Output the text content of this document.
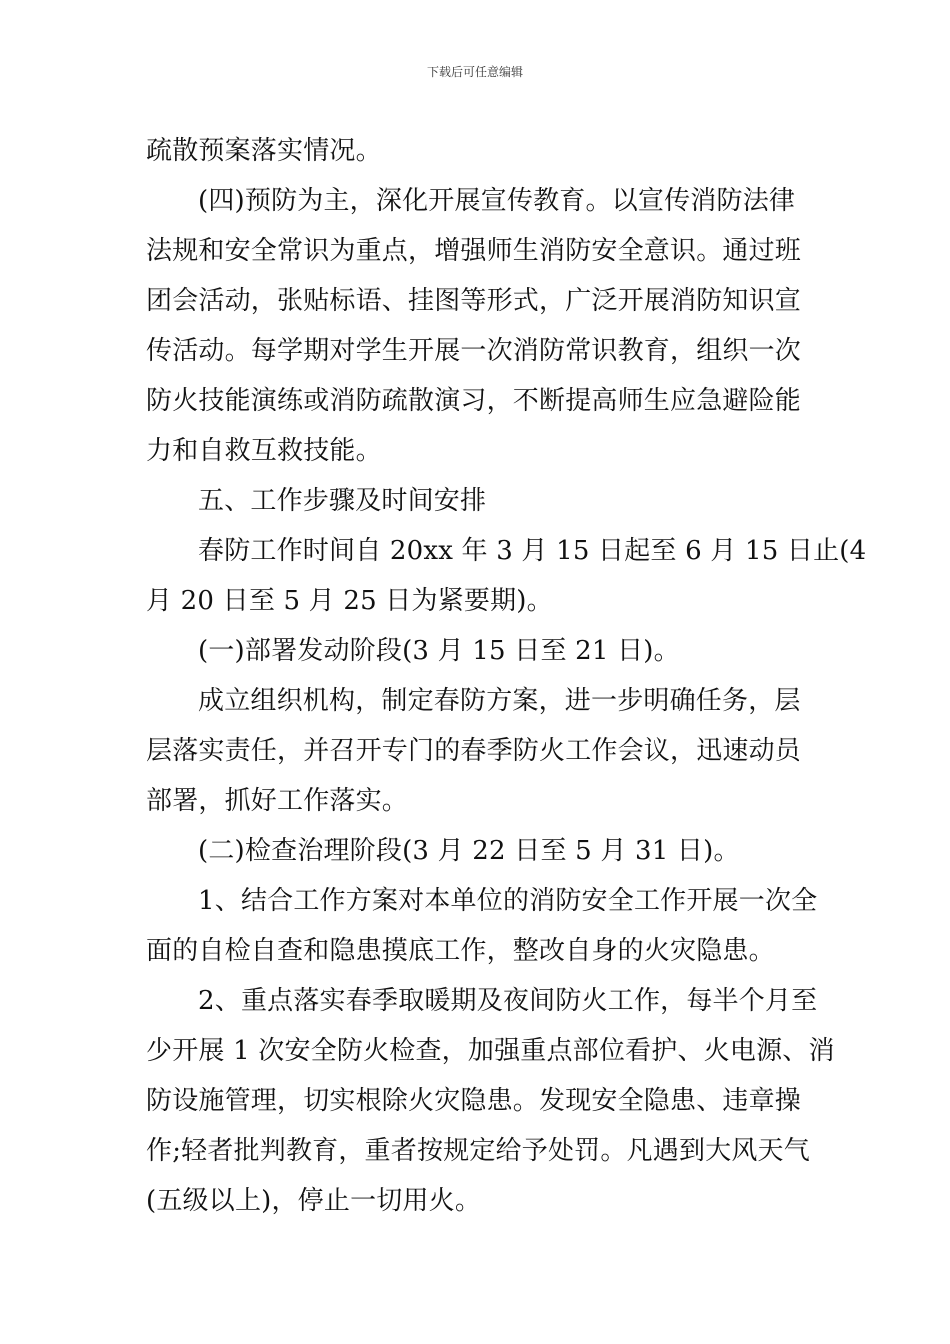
下载后可任意编辑
疏散预案落实情况。
(四)预防为主，深化开展宣传教育。以宣传消防法律
法规和安全常识为重点，增强师生消防安全意识。通过班
团会活动，张贴标语、挂图等形式，广泛开展消防知识宣
传活动。每学期对学生开展一次消防常识教育，组织一次
防火技能演练或消防疏散演习，不断提高师生应急避险能
力和自救互救技能。
五、工作步骤及时间安排
春防工作时间自 20xx 年 3 月 15 日起至 6 月 15 日止(4
月 20 日至 5 月 25 日为紧要期)。
(一)部署发动阶段(3 月 15 日至 21 日)。
成立组织机构，制定春防方案，进一步明确任务，层
层落实责任，并召开专门的春季防火工作会议，迅速动员
部署，抓好工作落实。
(二)检查治理阶段(3 月 22 日至 5 月 31 日)。
1、结合工作方案对本单位的消防安全工作开展一次全
面的自检自查和隐患摸底工作，整改自身的火灾隐患。
2、重点落实春季取暖期及夜间防火工作，每半个月至
少开展 1 次安全防火检查，加强重点部位看护、火电源、消
防设施管理，切实根除火灾隐患。发现安全隐患、违章操
作;轻者批判教育，重者按规定给予处罚。凡遇到大风天气
(五级以上)，停止一切用火。
